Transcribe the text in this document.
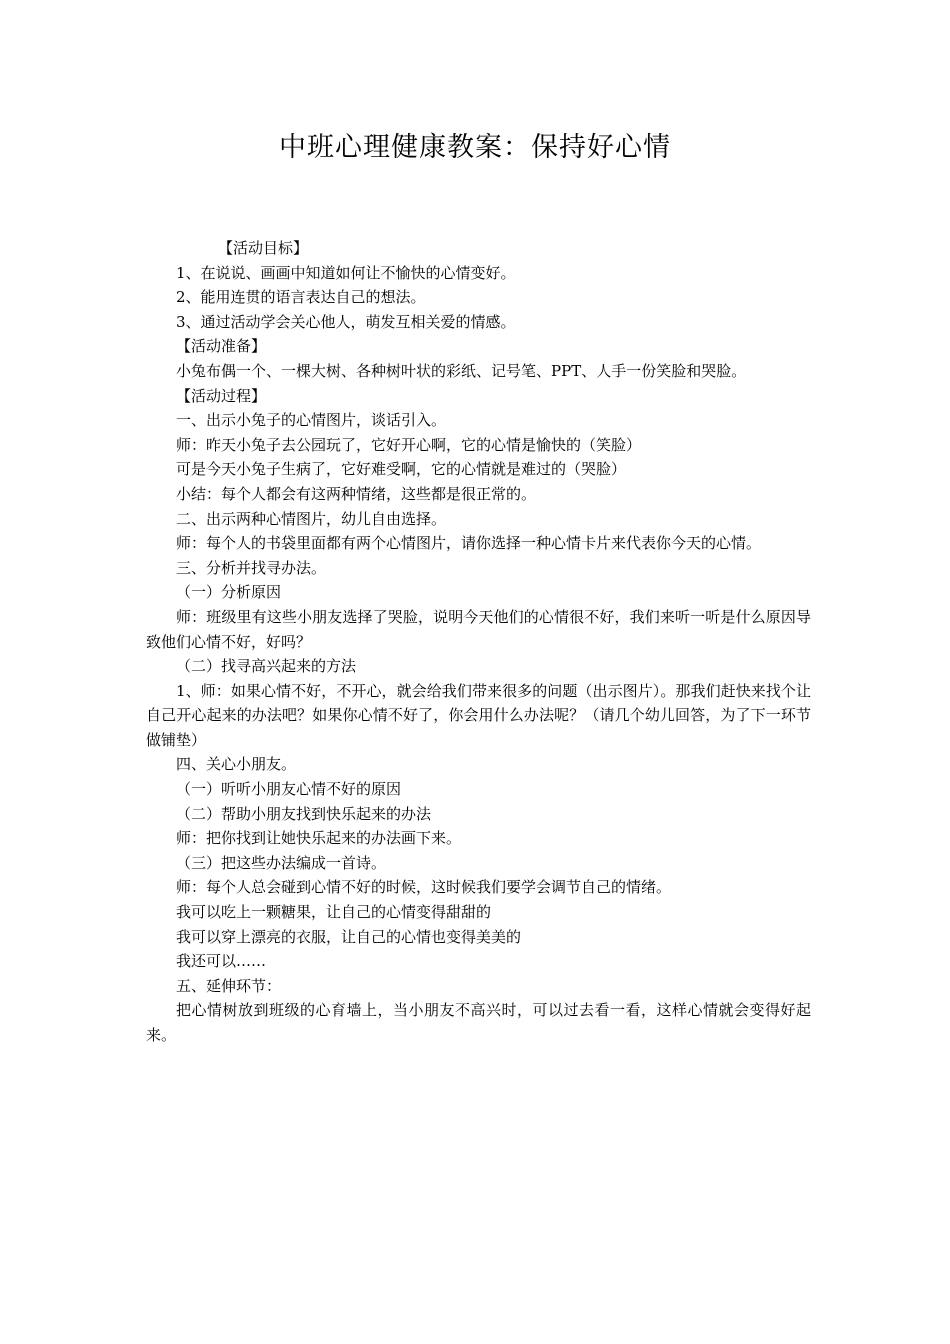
中班心理健康教案：保持好心情
【活动目标】
1、在说说、画画中知道如何让不愉快的心情变好。
2、能用连贯的语言表达自己的想法。
3、通过活动学会关心他人，萌发互相关爱的情感。
【活动准备】
小兔布偶一个、一棵大树、各种树叶状的彩纸、记号笔、PPT、人手一份笑脸和哭脸。
【活动过程】
一、出示小兔子的心情图片，谈话引入。
师：昨天小兔子去公园玩了，它好开心啊，它的心情是愉快的（笑脸）
可是今天小兔子生病了，它好难受啊，它的心情就是难过的（哭脸）
小结：每个人都会有这两种情绪，这些都是很正常的。
二、出示两种心情图片，幼儿自由选择。
师：每个人的书袋里面都有两个心情图片，请你选择一种心情卡片来代表你今天的心情。
三、分析并找寻办法。
（一）分析原因
师：班级里有这些小朋友选择了哭脸，说明今天他们的心情很不好，我们来听一听是什么原因导致他们心情不好，好吗？
（二）找寻高兴起来的方法
1、师：如果心情不好，不开心，就会给我们带来很多的问题（出示图片）。那我们赶快来找个让自己开心起来的办法吧？如果你心情不好了，你会用什么办法呢？（请几个幼儿回答，为了下一环节做铺垫）
四、关心小朋友。
（一）听听小朋友心情不好的原因
（二）帮助小朋友找到快乐起来的办法
师：把你找到让她快乐起来的办法画下来。
（三）把这些办法编成一首诗。
师：每个人总会碰到心情不好的时候，这时候我们要学会调节自己的情绪。
我可以吃上一颗糖果，让自己的心情变得甜甜的
我可以穿上漂亮的衣服，让自己的心情也变得美美的
我还可以……
五、延伸环节：
把心情树放到班级的心育墙上，当小朋友不高兴时，可以过去看一看，这样心情就会变得好起来。
